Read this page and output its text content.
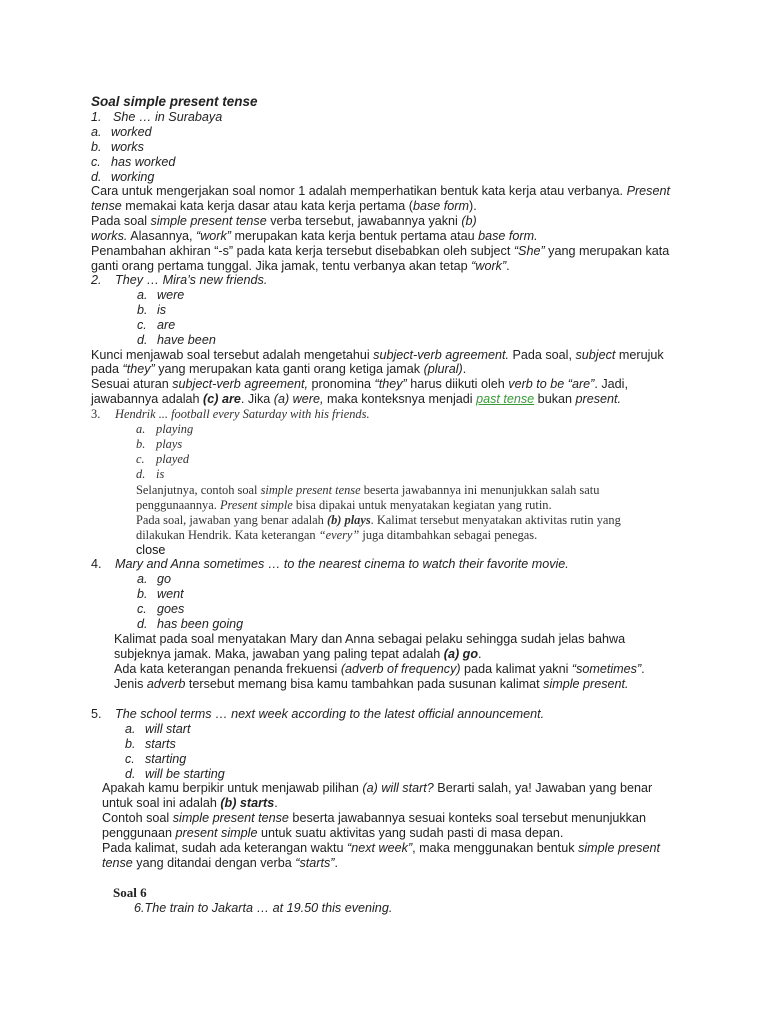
Soal simple present tense
1. She … in Surabaya
a. worked
b. works
c. has worked
d. working
Cara untuk mengerjakan soal nomor 1 adalah memperhatikan bentuk kata kerja atau verbanya. Present
tense memakai kata kerja dasar atau kata kerja pertama (base form).
Pada soal simple present tense verba tersebut, jawabannya yakni (b)
works. Alasannya, “work” merupakan kata kerja bentuk pertama atau base form.
Penambahan akhiran “-s” pada kata kerja tersebut disebabkan oleh subject “She” yang merupakan kata
ganti orang pertama tunggal. Jika jamak, tentu verbanya akan tetap “work”.
2. They … Mira’s new friends.
a. were
b. is
c. are
d. have been
Kunci menjawab soal tersebut adalah mengetahui subject-verb agreement. Pada soal, subject merujuk
pada “they” yang merupakan kata ganti orang ketiga jamak (plural).
Sesuai aturan subject-verb agreement, pronomina “they” harus diikuti oleh verb to be “are”. Jadi,
jawabannya adalah (c) are. Jika (a) were, maka konteksnya menjadi past tense bukan present.
3. Hendrik ... football every Saturday with his friends.
a. playing
b. plays
c. played
d. is
Selanjutnya, contoh soal simple present tense beserta jawabannya ini menunjukkan salah satu
penggunaannya. Present simple bisa dipakai untuk menyatakan kegiatan yang rutin.
Pada soal, jawaban yang benar adalah (b) plays. Kalimat tersebut menyatakan aktivitas rutin yang
dilakukan Hendrik. Kata keterangan “every” juga ditambahkan sebagai penegas.
close
4. Mary and Anna sometimes … to the nearest cinema to watch their favorite movie.
a. go
b. went
c. goes
d. has been going
Kalimat pada soal menyatakan Mary dan Anna sebagai pelaku sehingga sudah jelas bahwa
subjeknya jamak. Maka, jawaban yang paling tepat adalah (a) go.
Ada kata keterangan penanda frekuensi (adverb of frequency) pada kalimat yakni “sometimes”.
Jenis adverb tersebut memang bisa kamu tambahkan pada susunan kalimat simple present.
5. The school terms … next week according to the latest official announcement.
a. will start
b. starts
c. starting
d. will be starting
Apakah kamu berpikir untuk menjawab pilihan (a) will start? Berarti salah, ya! Jawaban yang benar
untuk soal ini adalah (b) starts.
Contoh soal simple present tense beserta jawabannya sesuai konteks soal tersebut menunjukkan
penggunaan present simple untuk suatu aktivitas yang sudah pasti di masa depan.
Pada kalimat, sudah ada keterangan waktu “next week”, maka menggunakan bentuk simple present
tense yang ditandai dengan verba “starts”.
Soal 6
6.The train to Jakarta … at 19.50 this evening.
